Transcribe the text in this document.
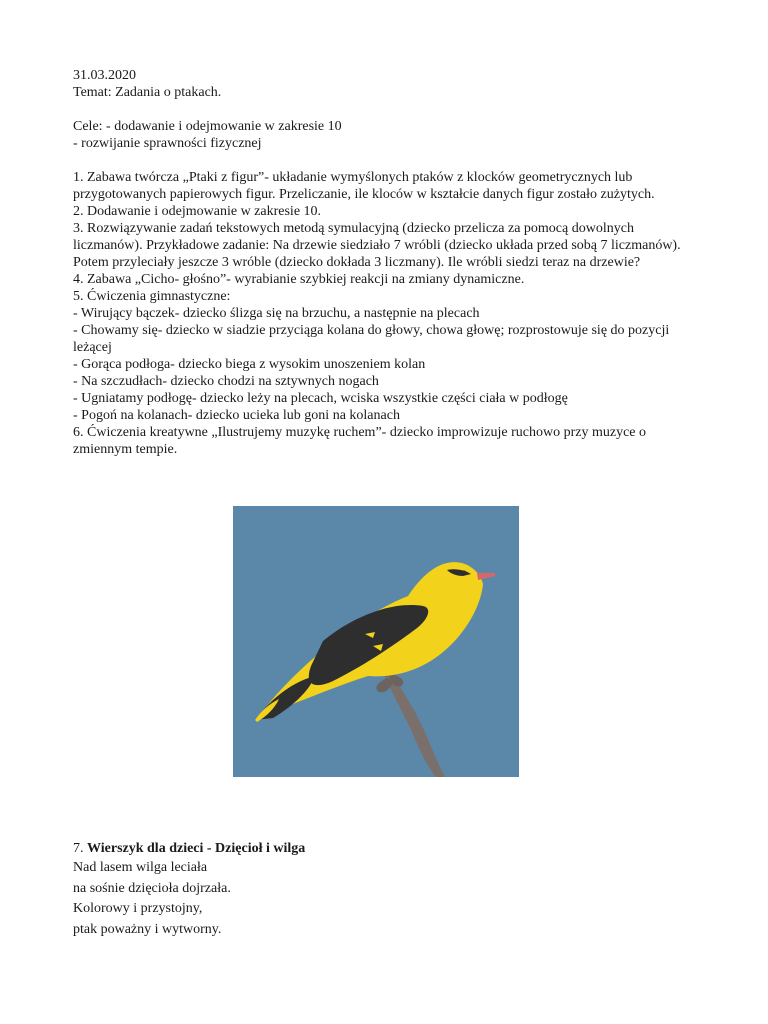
31.03.2020
Temat: Zadania o ptakach.
Cele: - dodawanie i odejmowanie w zakresie 10
- rozwijanie sprawności fizycznej
1. Zabawa twórcza „Ptaki z figur”- układanie wymyślonych ptaków z klocków geometrycznych lub przygotowanych papierowych figur. Przeliczanie, ile kloców w kształcie danych figur zostało zużytych.
2. Dodawanie i odejmowanie w zakresie 10.
3. Rozwiązywanie zadań tekstowych metodą symulacyjną (dziecko przelicza za pomocą dowolnych liczmanów). Przykładowe zadanie: Na drzewie siedziało 7 wróbli (dziecko układa przed sobą 7 liczmanów). Potem przyleciały jeszcze 3 wróble (dziecko dokłada 3 liczmany). Ile wróbli siedzi teraz na drzewie?
4. Zabawa „Cicho- głośno”- wyrabianie szybkiej reakcji na zmiany dynamiczne.
5. Ćwiczenia gimnastyczne:
- Wirujący bączek- dziecko ślizga się na brzuchu, a następnie na plecach
- Chowamy się- dziecko w siadzie przyciąga kolana do głowy, chowa głowę; rozprostowuje się do pozycji leżącej
- Gorąca podłoga- dziecko biega z wysokim unoszeniem kolan
- Na szczudłach- dziecko chodzi na sztywnych nogach
- Ugniatamy podłogę- dziecko leży na plecach, wciska wszystkie części ciała w podłogę
- Pogoń na kolanach- dziecko ucieka lub goni na kolanach
6. Ćwiczenia kreatywne „Ilustrujemy muzykę ruchem”- dziecko improwizuje ruchowo przy muzyce o zmiennym tempie.
7. Wierszyk dla dzieci - Dzięcioł i wilga
Nad lasem wilga leciała
na sośnie dzięcioła dojrzała.
Kolorowy i przystojny,
ptak poważny i wytworny.
